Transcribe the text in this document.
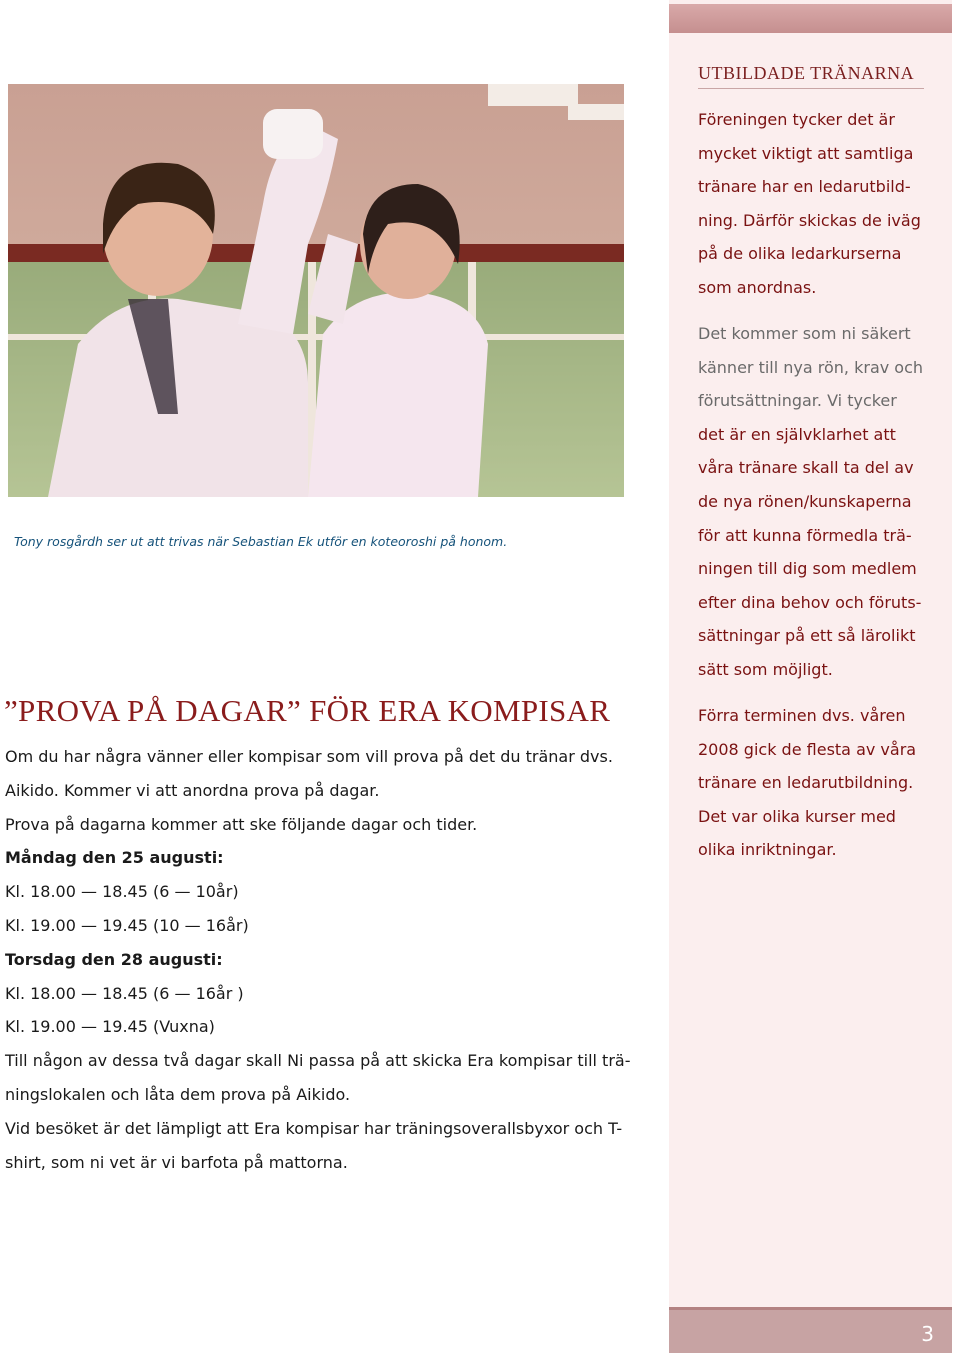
3
UTBILDADE TRÄNARNA

Föreningen tycker det är
mycket viktigt att samtliga
tränare har en ledarutbild-
ning. Därför skickas de iväg
på de olika ledarkurserna
som anordnas.

Det kommer som ni säkert
känner till nya rön, krav och
förutsättningar. Vi tycker
det är en självklarhet att
våra tränare skall ta del av
de nya rönen/kunskaperna
för att kunna förmedla trä-
ningen till dig som medlem
efter dina behov och föruts-
sättningar på ett så lärolikt
sätt som möjligt.

Förra terminen dvs. våren
2008 gick de flesta av våra
tränare en ledarutbildning.
Det var olika kurser med
olika inriktningar.

Tony rosgårdh ser ut att trivas när Sebastian Ek utför en koteoroshi på honom.
”PROVA PÅ DAGAR” FÖR ERA KOMPISAR
Om du har några vänner eller kompisar som vill prova på det du tränar dvs.
Aikido. Kommer vi att anordna prova på dagar.
Prova på dagarna kommer att ske följande dagar och tider.
Måndag den 25 augusti:
Kl. 18.00 — 18.45 (6 — 10år)
Kl. 19.00 — 19.45 (10 — 16år)
Torsdag den 28 augusti:
Kl. 18.00 — 18.45 (6 — 16år )
Kl. 19.00 — 19.45 (Vuxna)
Till någon av dessa två dagar skall Ni passa på att skicka Era kompisar till trä-
ningslokalen och låta dem prova på Aikido.
Vid besöket är det lämpligt att Era kompisar har träningsoverallsbyxor och T-
shirt, som ni vet är vi barfota på mattorna.
